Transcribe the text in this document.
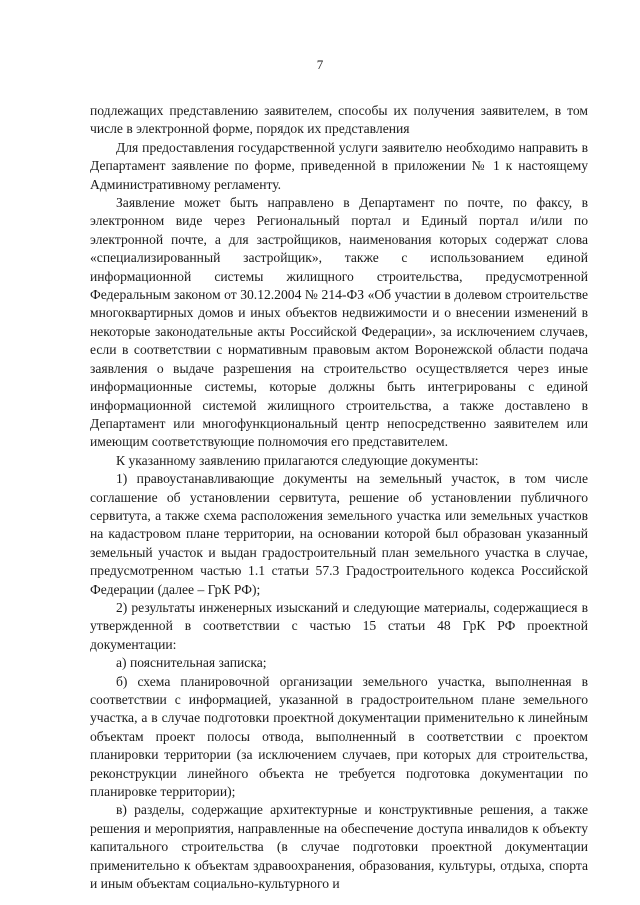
7

подлежащих представлению заявителем, способы их получения заявителем, в том числе в электронной форме, порядок их представления

Для предоставления государственной услуги заявителю необходимо направить в Департамент заявление по форме, приведенной в приложении № 1 к настоящему Административному регламенту.

Заявление может быть направлено в Департамент по почте, по факсу, в электронном виде через Региональный портал и Единый портал и/или по электронной почте, а для застройщиков, наименования которых содержат слова «специализированный застройщик», также с использованием единой информационной системы жилищного строительства, предусмотренной Федеральным законом от 30.12.2004 № 214-ФЗ «Об участии в долевом строительстве многоквартирных домов и иных объектов недвижимости и о внесении изменений в некоторые законодательные акты Российской Федерации», за исключением случаев, если в соответствии с нормативным правовым актом Воронежской области подача заявления о выдаче разрешения на строительство осуществляется через иные информационные системы, которые должны быть интегрированы с единой информационной системой жилищного строительства, а также доставлено в Департамент или многофункциональный центр непосредственно заявителем или имеющим соответствующие полномочия его представителем.

К указанному заявлению прилагаются следующие документы:

1) правоустанавливающие документы на земельный участок, в том числе соглашение об установлении сервитута, решение об установлении публичного сервитута, а также схема расположения земельного участка или земельных участков на кадастровом плане территории, на основании которой был образован указанный земельный участок и выдан градостроительный план земельного участка в случае, предусмотренном частью 1.1 статьи 57.3 Градостроительного кодекса Российской Федерации (далее – ГрК РФ);

2) результаты инженерных изысканий и следующие материалы, содержащиеся в утвержденной в соответствии с частью 15 статьи 48 ГрК РФ проектной документации:

а) пояснительная записка;

б) схема планировочной организации земельного участка, выполненная в соответствии с информацией, указанной в градостроительном плане земельного участка, а в случае подготовки проектной документации применительно к линейным объектам проект полосы отвода, выполненный в соответствии с проектом планировки территории (за исключением случаев, при которых для строительства, реконструкции линейного объекта не требуется подготовка документации по планировке территории);

в) разделы, содержащие архитектурные и конструктивные решения, а также решения и мероприятия, направленные на обеспечение доступа инвалидов к объекту капитального строительства (в случае подготовки проектной документации применительно к объектам здравоохранения, образования, культуры, отдыха, спорта и иным объектам социально-культурного и
